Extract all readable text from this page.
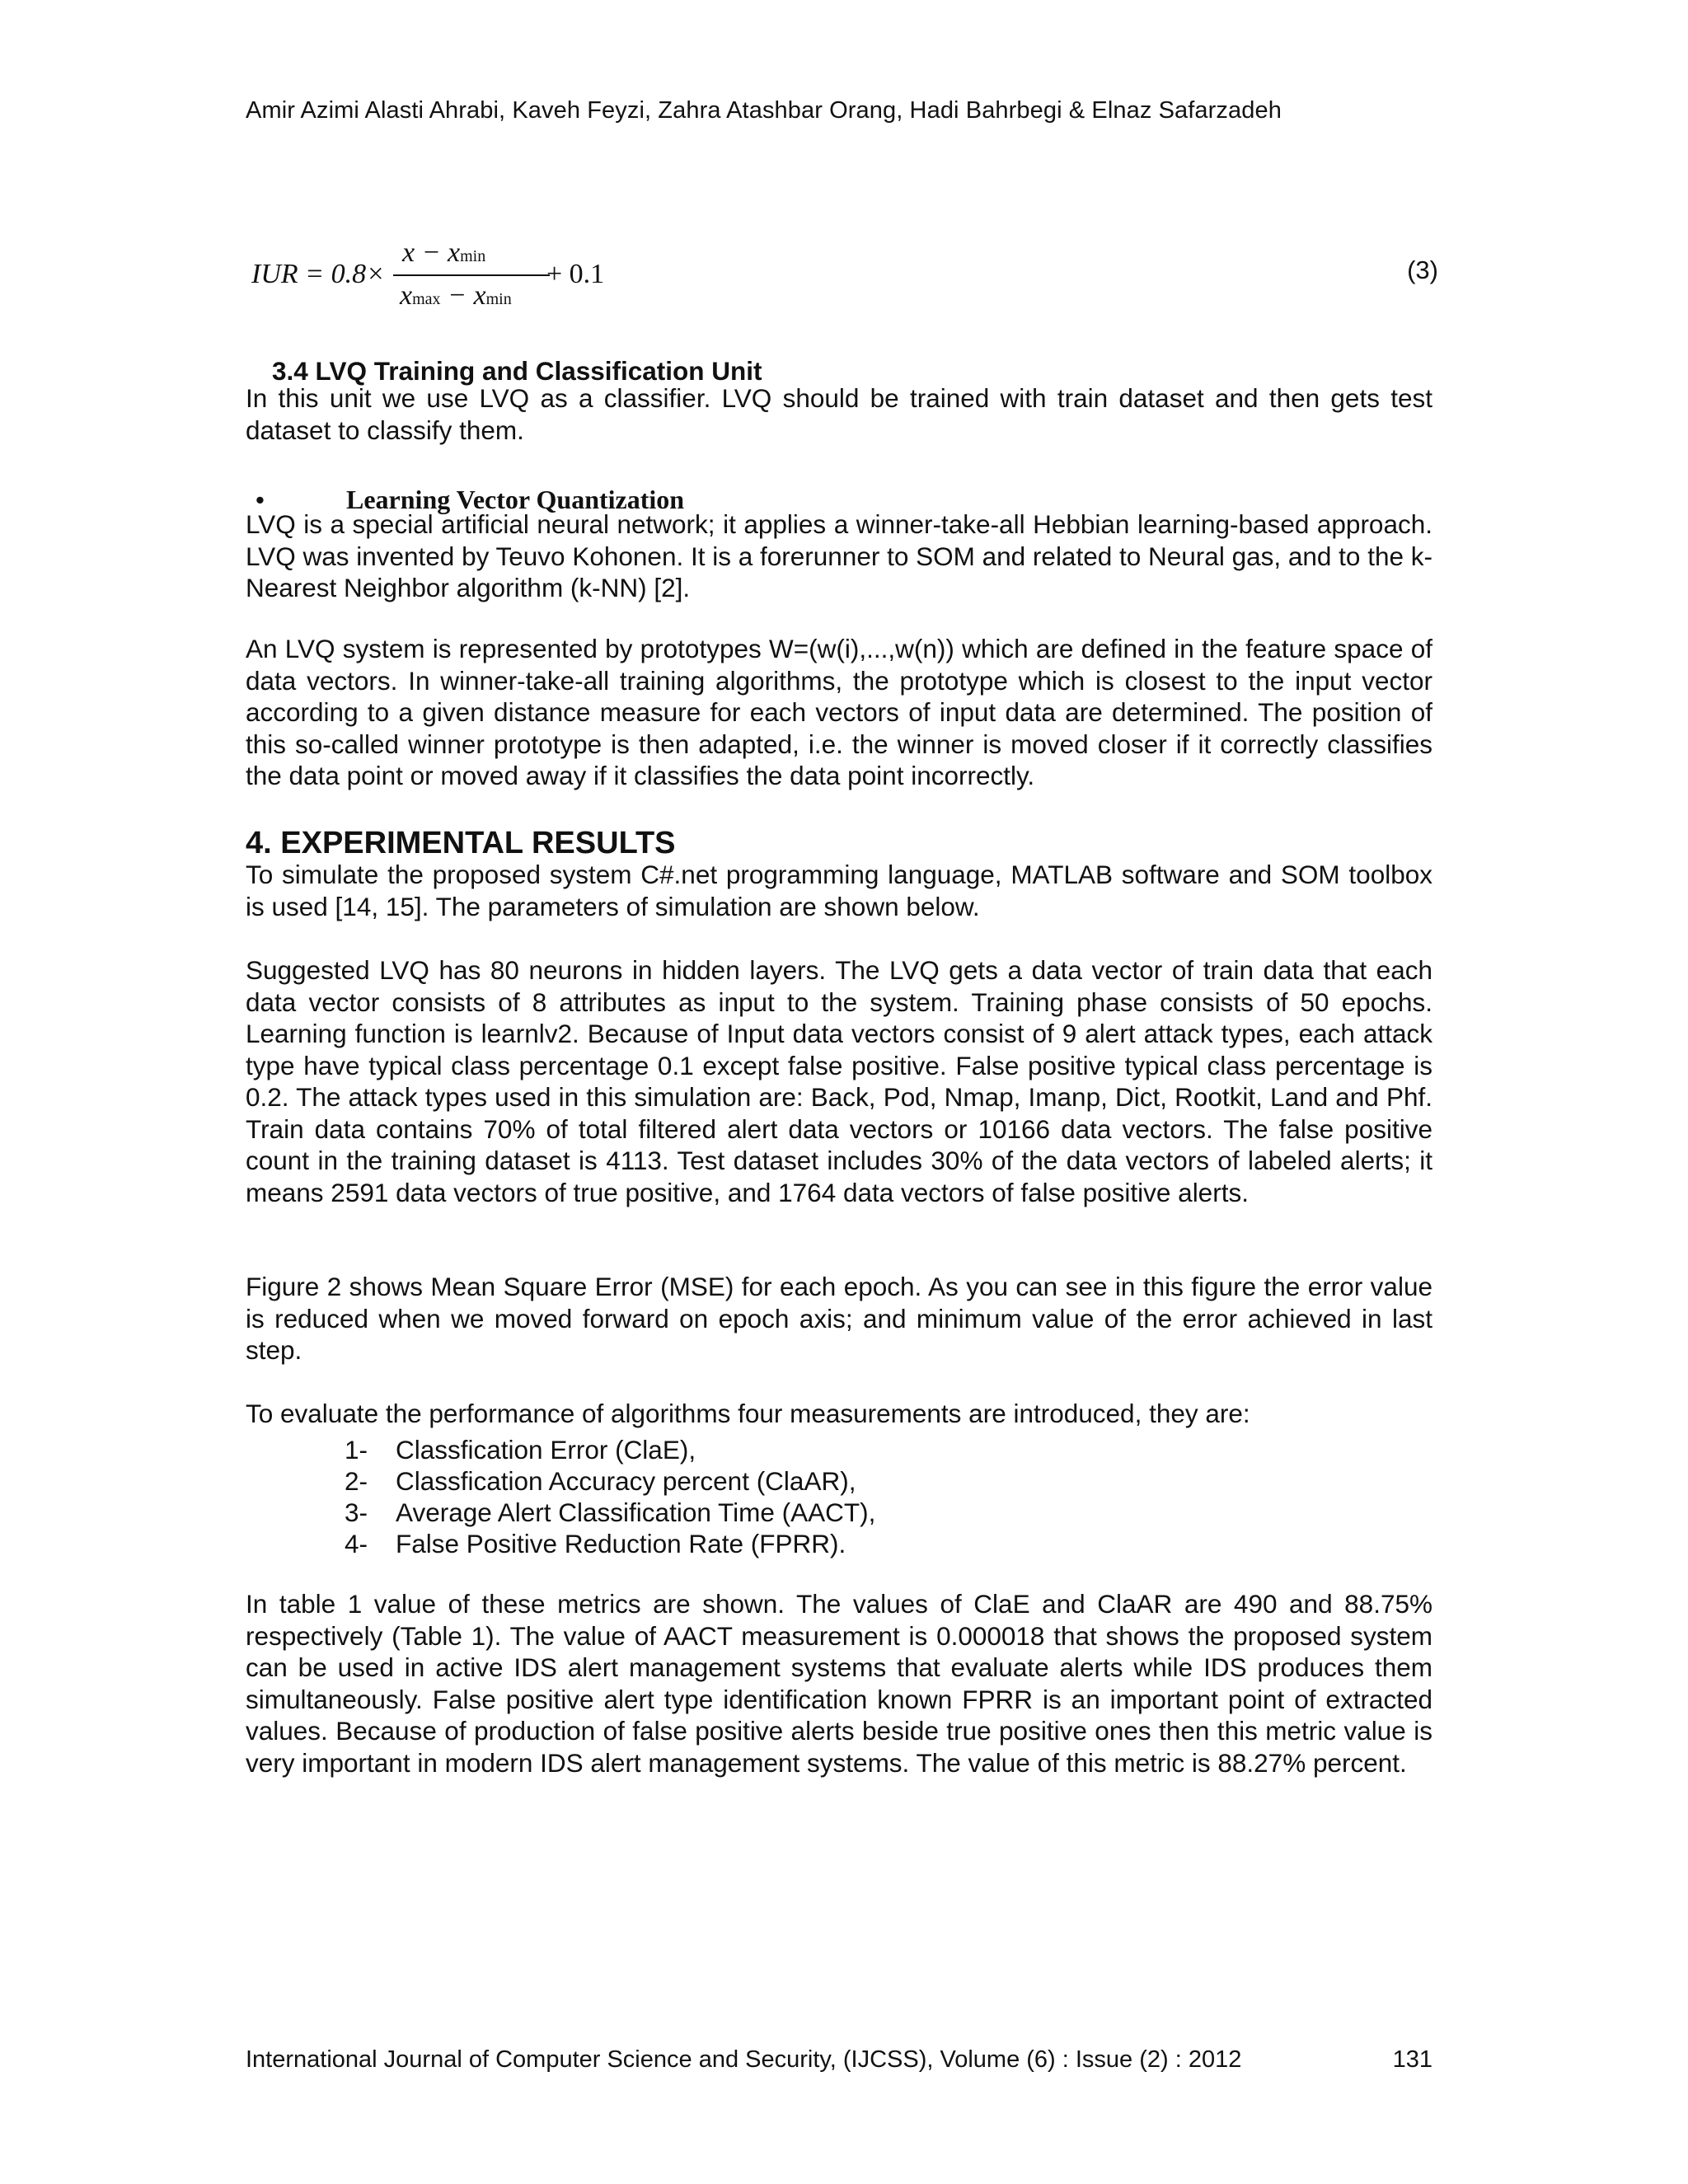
Amir Azimi Alasti Ahrabi, Kaveh Feyzi, Zahra Atashbar Orang, Hadi Bahrbegi & Elnaz Safarzadeh
IUR = 0.8×
x − xmin
xmax − xmin
+ 0.1	(3)
3.4 LVQ Training and Classification Unit

In this unit we use LVQ as a classifier. LVQ should be trained with train dataset and then gets test dataset to classify them.

•	Learning Vector Quantization

LVQ is a special artificial neural network; it applies a winner-take-all Hebbian learning-based approach. LVQ was invented by Teuvo Kohonen. It is a forerunner to SOM and related to Neural gas, and to the k-Nearest Neighbor algorithm (k-NN) [2].

An LVQ system is represented by prototypes W=(w(i),...,w(n)) which are defined in the feature space of data vectors. In winner-take-all training algorithms, the prototype which is closest to the input vector according to a given distance measure for each vectors of input data are determined. The position of this so-called winner prototype is then adapted, i.e. the winner is moved closer if it correctly classifies the data point or moved away if it classifies the data point incorrectly.

4. EXPERIMENTAL RESULTS

To simulate the proposed system C#.net programming language, MATLAB software and SOM toolbox is used [14, 15]. The parameters of simulation are shown below.

Suggested LVQ has 80 neurons in hidden layers. The LVQ gets a data vector of train data that each data vector consists of 8 attributes as input to the system. Training phase consists of 50 epochs. Learning function is learnlv2. Because of Input data vectors consist of 9 alert attack types, each attack type have typical class percentage 0.1 except false positive. False positive typical class percentage is 0.2. The attack types used in this simulation are: Back, Pod, Nmap, Imanp, Dict, Rootkit, Land and Phf. Train data contains 70% of total filtered alert data vectors or 10166 data vectors. The false positive count in the training dataset is 4113. Test dataset includes 30% of the data vectors of labeled alerts; it means 2591 data vectors of true positive, and 1764 data vectors of false positive alerts.

Figure 2 shows Mean Square Error (MSE) for each epoch. As you can see in this figure the error value is reduced when we moved forward on epoch axis; and minimum value of the error achieved in last step.

To evaluate the performance of algorithms four measurements are introduced, they are:

1-	Classfication Error (ClaE),
2-	Classfication Accuracy percent (ClaAR),
3-	Average Alert Classification Time (AACT),
4-	False Positive Reduction Rate (FPRR).

In table 1 value of these metrics are shown. The values of ClaE and ClaAR are 490 and 88.75% respectively (Table 1). The value of AACT measurement is 0.000018 that shows the proposed system can be used in active IDS alert management systems that evaluate alerts while IDS produces them simultaneously. False positive alert type identification known FPRR is an important point of extracted values. Because of production of false positive alerts beside true positive ones then this metric value is very important in modern IDS alert management systems. The value of this metric is 88.27% percent.

International Journal of Computer Science and Security, (IJCSS), Volume (6) : Issue (2) : 2012	131
